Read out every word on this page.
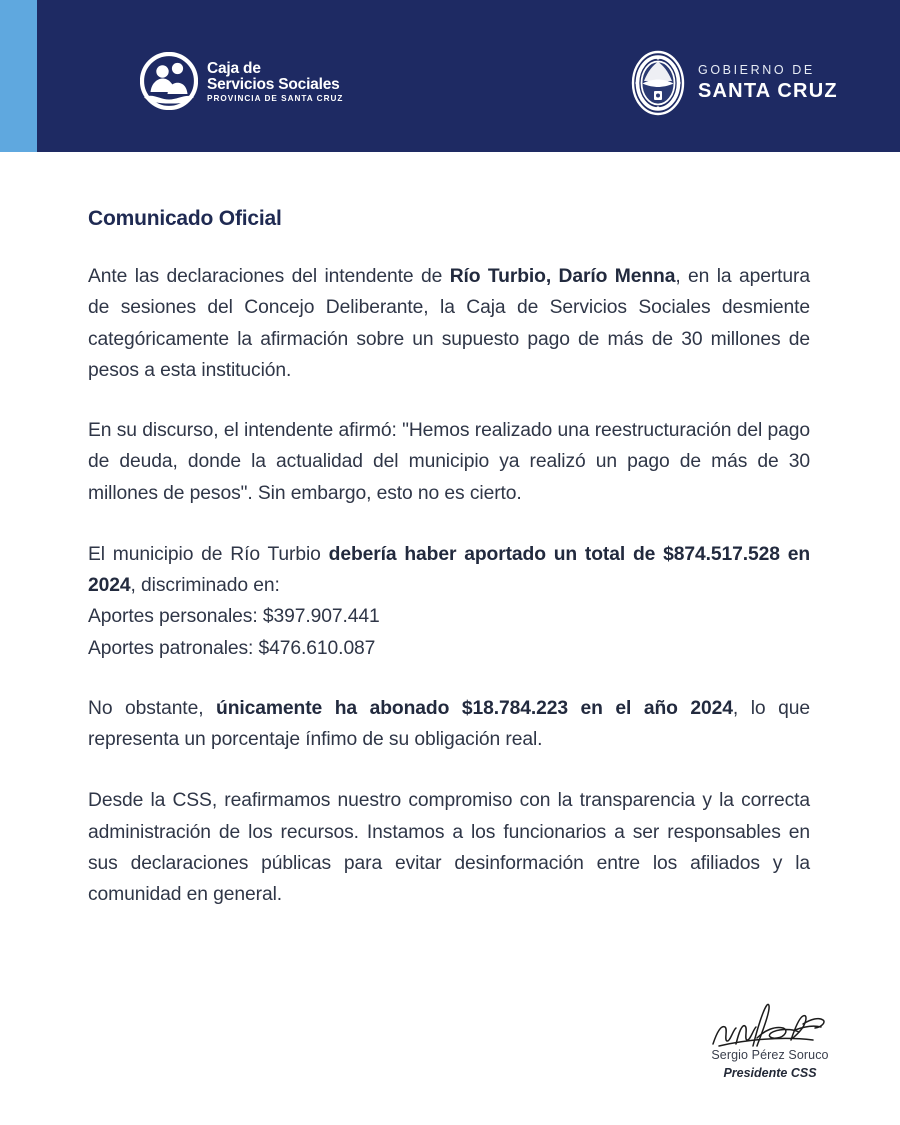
Caja de
Servicios Sociales
PROVINCIA DE SANTA CRUZ
GOBIERNO DE
SANTA CRUZ
Comunicado Oficial

Ante las declaraciones del intendente de Río Turbio, Darío Menna, en la apertura de sesiones del Concejo Deliberante, la Caja de Servicios Sociales desmiente categóricamente la afirmación sobre un supuesto pago de más de 30 millones de pesos a esta institución.

En su discurso, el intendente afirmó: "Hemos realizado una reestructuración del pago de deuda, donde la actualidad del municipio ya realizó un pago de más de 30 millones de pesos". Sin embargo, esto no es cierto.

El municipio de Río Turbio debería haber aportado un total de $874.517.528 en 2024, discriminado en:

Aportes personales: $397.907.441
Aportes patronales: $476.610.087

No obstante, únicamente ha abonado $18.784.223 en el año 2024, lo que representa un porcentaje ínfimo de su obligación real.

Desde la CSS, reafirmamos nuestro compromiso con la transparencia y la correcta administración de los recursos. Instamos a los funcionarios a ser responsables en sus declaraciones públicas para evitar desinformación entre los afiliados y la comunidad en general.

Sergio Pérez Soruco
Presidente CSS
